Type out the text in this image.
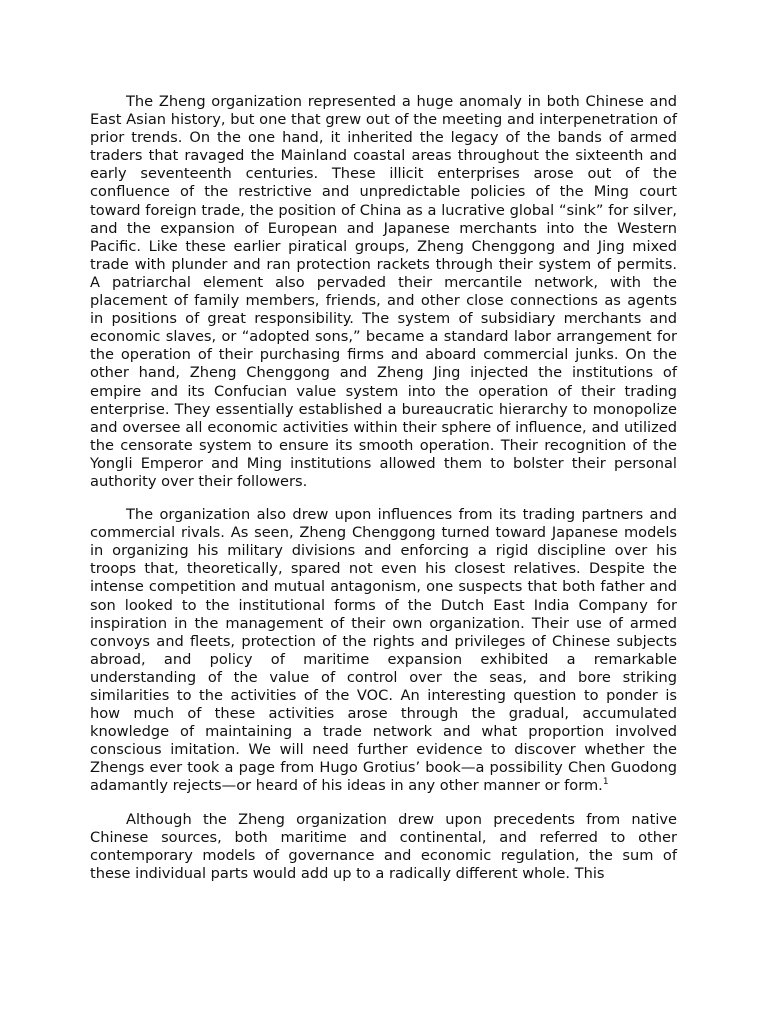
The Zheng organization represented a huge anomaly in both Chinese and East Asian history, but one that grew out of the meeting and interpenetration of prior trends. On the one hand, it inherited the legacy of the bands of armed traders that ravaged the Mainland coastal areas throughout the sixteenth and early seventeenth centuries. These illicit enterprises arose out of the confluence of the restrictive and unpredictable policies of the Ming court toward foreign trade, the position of China as a lucrative global “sink” for silver, and the expansion of European and Japanese merchants into the Western Pacific. Like these earlier piratical groups, Zheng Chenggong and Jing mixed trade with plunder and ran protection rackets through their system of permits. A patriarchal element also pervaded their mercantile network, with the placement of family members, friends, and other close connections as agents in positions of great responsibility. The system of subsidiary merchants and economic slaves, or “adopted sons,” became a standard labor arrangement for the operation of their purchasing firms and aboard commercial junks. On the other hand, Zheng Chenggong and Zheng Jing injected the institutions of empire and its Confucian value system into the operation of their trading enterprise. They essentially established a bureaucratic hierarchy to monopolize and oversee all economic activities within their sphere of influence, and utilized the censorate system to ensure its smooth operation. Their recognition of the Yongli Emperor and Ming institutions allowed them to bolster their personal authority over their followers.

The organization also drew upon influences from its trading partners and commercial rivals. As seen, Zheng Chenggong turned toward Japanese models in organizing his military divisions and enforcing a rigid discipline over his troops that, theoretically, spared not even his closest relatives. Despite the intense competition and mutual antagonism, one suspects that both father and son looked to the institutional forms of the Dutch East India Company for inspiration in the management of their own organization. Their use of armed convoys and fleets, protection of the rights and privileges of Chinese subjects abroad, and policy of maritime expansion exhibited a remarkable understanding of the value of control over the seas, and bore striking similarities to the activities of the VOC. An interesting question to ponder is how much of these activities arose through the gradual, accumulated knowledge of maintaining a trade network and what proportion involved conscious imitation. We will need further evidence to discover whether the Zhengs ever took a page from Hugo Grotius’ book—a possibility Chen Guodong adamantly rejects—or heard of his ideas in any other manner or form.$^1$

Although the Zheng organization drew upon precedents from native Chinese sources, both maritime and continental, and referred to other contemporary models of governance and economic regulation, the sum of these individual parts would add up to a radically different whole. This
